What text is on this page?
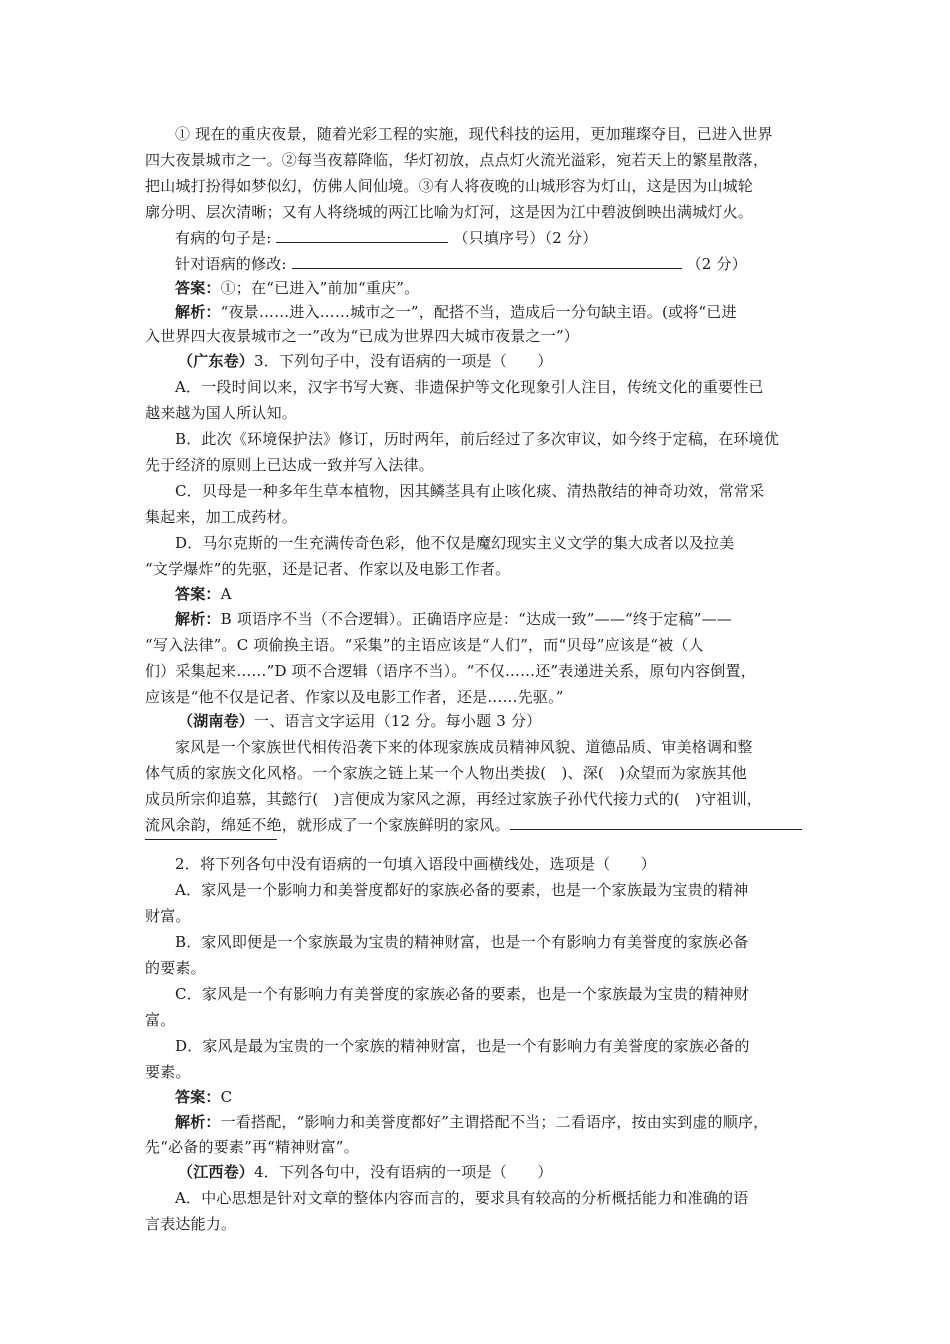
① 现在的重庆夜景，随着光彩工程的实施，现代科技的运用，更加璀璨夺目，已进入世界
四大夜景城市之一。②每当夜幕降临，华灯初放，点点灯火流光溢彩，宛若天上的繁星散落，
把山城打扮得如梦似幻，仿佛人间仙境。③有人将夜晚的山城形容为灯山，这是因为山城轮
廓分明、层次清晰；又有人将绕城的两江比喻为灯河，这是因为江中碧波倒映出满城灯火。
有病的句子是:	（只填序号）（2 分）
针对语病的修改:	（2 分）
答案：①；在“已进入”前加“重庆”。
解析：“夜景……进入……城市之一”，配搭不当，造成后一分句缺主语。(或将“已进
入世界四大夜景城市之一”改为“已成为世界四大城市夜景之一”）
（广东卷）3．下列句子中，没有语病的一项是（　　）
A．一段时间以来，汉字书写大赛、非遗保护等文化现象引人注目，传统文化的重要性已
越来越为国人所认知。
B．此次《环境保护法》修订，历时两年，前后经过了多次审议，如今终于定稿，在环境优
先于经济的原则上已达成一致并写入法律。
C．贝母是一种多年生草本植物，因其鳞茎具有止咳化痰、清热散结的神奇功效，常常采
集起来，加工成药材。
D．马尔克斯的一生充满传奇色彩，他不仅是魔幻现实主义文学的集大成者以及拉美
“文学爆炸”的先驱，还是记者、作家以及电影工作者。
答案：A
解析：B 项语序不当（不合逻辑）。正确语序应是：“达成一致”——“终于定稿”——
“写入法律”。C 项偷换主语。“采集”的主语应该是“人们”，而“贝母”应该是“被（人
们）采集起来……”D 项不合逻辑（语序不当）。“不仅……还”表递进关系，原句内容倒置，
应该是“他不仅是记者、作家以及电影工作者，还是……先驱。”
（湖南卷）一、语言文字运用（12 分。每小题 3 分）
家风是一个家族世代相传沿袭下来的体现家族成员精神风貌、道德品质、审美格调和整
体气质的家族文化风格。一个家族之链上某一个人物出类拔(　)、深(　)众望而为家族其他
成员所宗仰追慕，其懿行(　)言便成为家风之源，再经过家族子孙代代接力式的(　)守祖训，
流风余韵，绵延不绝，就形成了一个家族鲜明的家风。
2．将下列各句中没有语病的一句填入语段中画横线处，选项是（　　）
A．家风是一个影响力和美誉度都好的家族必备的要素，也是一个家族最为宝贵的精神
财富。
B．家风即便是一个家族最为宝贵的精神财富，也是一个有影响力有美誉度的家族必备
的要素。
C．家风是一个有影响力有美誉度的家族必备的要素，也是一个家族最为宝贵的精神财
富。
D．家风是最为宝贵的一个家族的精神财富，也是一个有影响力有美誉度的家族必备的
要素。
答案：C
解析：一看搭配，“影响力和美誉度都好”主谓搭配不当；二看语序，按由实到虚的顺序，
先“必备的要素”再“精神财富”。
（江西卷）4．下列各句中，没有语病的一项是（　　）
A．中心思想是针对文章的整体内容而言的，要求具有较高的分析概括能力和准确的语
言表达能力。
